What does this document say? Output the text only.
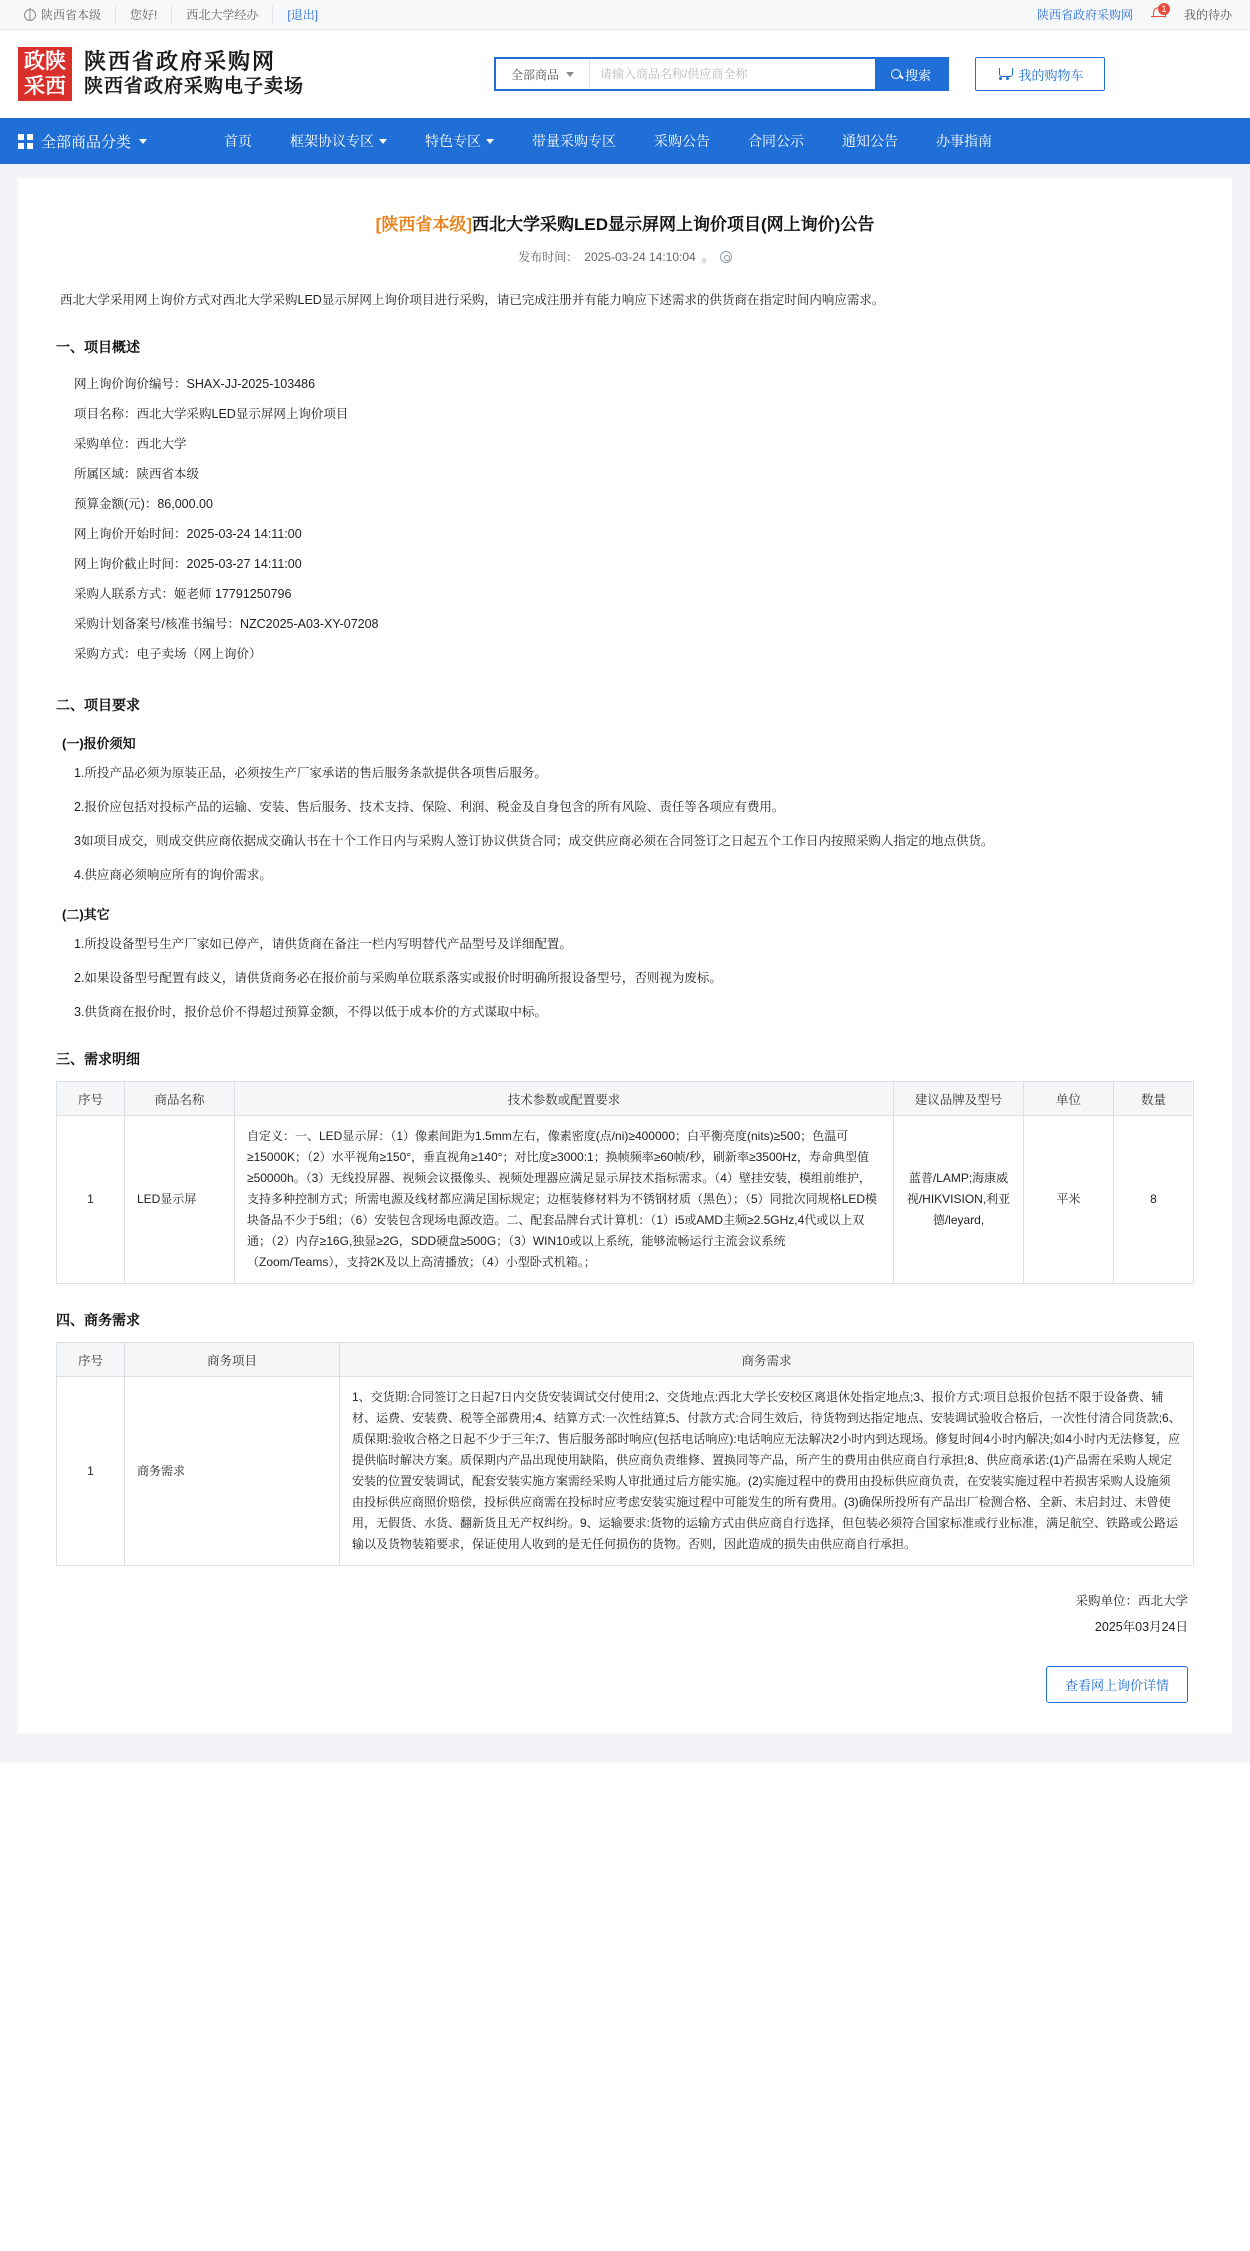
陕西省本级	您好!	西北大学经办	[退出]	陕西省政府采购网	1 我的待办
政陕
采西
陕西省政府采购网
陕西省政府采购电子卖场
全部商品
请输入商品名称/供应商全称	搜索	我的购物车
全部商品分类	首页	框架协议专区	特色专区	带量采购专区	采购公告	合同公示	通知公告	办事指南
[陕西省本级]西北大学采购LED显示屏网上询价项目(网上询价)公告
发布时间： 2025-03-24 14:10:04 。
西北大学采用网上询价方式对西北大学采购LED显示屏网上询价项目进行采购，请已完成注册并有能力响应下述需求的供货商在指定时间内响应需求。
一、项目概述
网上询价询价编号：SHAX-JJ-2025-103486
项目名称：西北大学采购LED显示屏网上询价项目
采购单位：西北大学
所属区域：陕西省本级
预算金额(元)：86,000.00
网上询价开始时间：2025-03-24 14:11:00
网上询价截止时间：2025-03-27 14:11:00
采购人联系方式：姬老师 17791250796
采购计划备案号/核准书编号：NZC2025-A03-XY-07208
采购方式：电子卖场（网上询价）
二、项目要求
(一)报价须知

1.所投产品必须为原装正品，必须按生产厂家承诺的售后服务条款提供各项售后服务。

2.报价应包括对投标产品的运输、安装、售后服务、技术支持、保险、利润、税金及自身包含的所有风险、责任等各项应有费用。

3如项目成交，则成交供应商依据成交确认书在十个工作日内与采购人签订协议供货合同；成交供应商必须在合同签订之日起五个工作日内按照采购人指定的地点供货。

4.供应商必须响应所有的询价需求。

(二)其它

1.所投设备型号生产厂家如已停产，请供货商在备注一栏内写明替代产品型号及详细配置。

2.如果设备型号配置有歧义，请供货商务必在报价前与采购单位联系落实或报价时明确所报设备型号，否则视为废标。

3.供货商在报价时，报价总价不得超过预算金额，不得以低于成本价的方式谋取中标。

三、需求明细
序号	商品名称	技术参数或配置要求	建议品牌及型号	单位	数量
1	LED显示屏	自定义：一、LED显示屏：（1）像素间距为1.5mm左右，像素密度(点/ni)≥400000；白平衡亮度(nits)≥500；色温可≥15000K；（2）水平视角≥150°，垂直视角≥140°；对比度≥3000:1；换帧频率≥60帧/秒，刷新率≥3500Hz，寿命典型值≥50000h。（3）无线投屏器、视频会议摄像头、视频处理器应满足显示屏技术指标需求。（4）壁挂安装，模组前维护，支持多种控制方式；所需电源及线材都应满足国标规定；边框装修材料为不锈钢材质（黑色）；（5）同批次同规格LED模块备品不少于5组；（6）安装包含现场电源改造。二、配套品牌台式计算机：（1）i5或AMD主频≥2.5GHz,4代或以上双通；（2）内存≥16G,独显≥2G，SDD硬盘≥500G；（3）WIN10或以上系统，能够流畅运行主流会议系统（Zoom/Teams），支持2K及以上高清播放；（4）小型卧式机箱。；	蓝普/LAMP;海康威视/HIKVISION,利亚德/leyard,	平米	8
四、商务需求
序号	商务项目	商务需求
1	商务需求	1、交货期:合同签订之日起7日内交货安装调试交付使用;2、交货地点:西北大学长安校区离退休处指定地点;3、报价方式:项目总报价包括不限于设备费、辅材、运费、安装费、税等全部费用;4、结算方式:一次性结算;5、付款方式:合同生效后，待货物到达指定地点、安装调试验收合格后，一次性付清合同货款;6、质保期:验收合格之日起不少于三年;7、售后服务部时响应(包括电话响应):电话响应无法解决2小时内到达现场。修复时间4小时内解决;如4小时内无法修复，应提供临时解决方案。质保期内产品出现使用缺陷，供应商负责维修、置换同等产品，所产生的费用由供应商自行承担;8、供应商承诺:(1)产品需在采购人规定安装的位置安装调试，配套安装实施方案需经采购人审批通过后方能实施。(2)实施过程中的费用由投标供应商负责，在安装实施过程中若损害采购人设施须由投标供应商照价赔偿，投标供应商需在投标时应考虑安装实施过程中可能发生的所有费用。(3)确保所投所有产品出厂检测合格、全新、未启封过、未曾使用，无假货、水货、翻新货且无产权纠纷。9、运输要求:货物的运输方式由供应商自行选择，但包装必须符合国家标准或行业标准，满足航空、铁路或公路运输以及货物装箱要求，保证使用人收到的是无任何损伤的货物。否则，因此造成的损失由供应商自行承担。
采购单位：西北大学
2025年03月24日
查看网上询价详情
